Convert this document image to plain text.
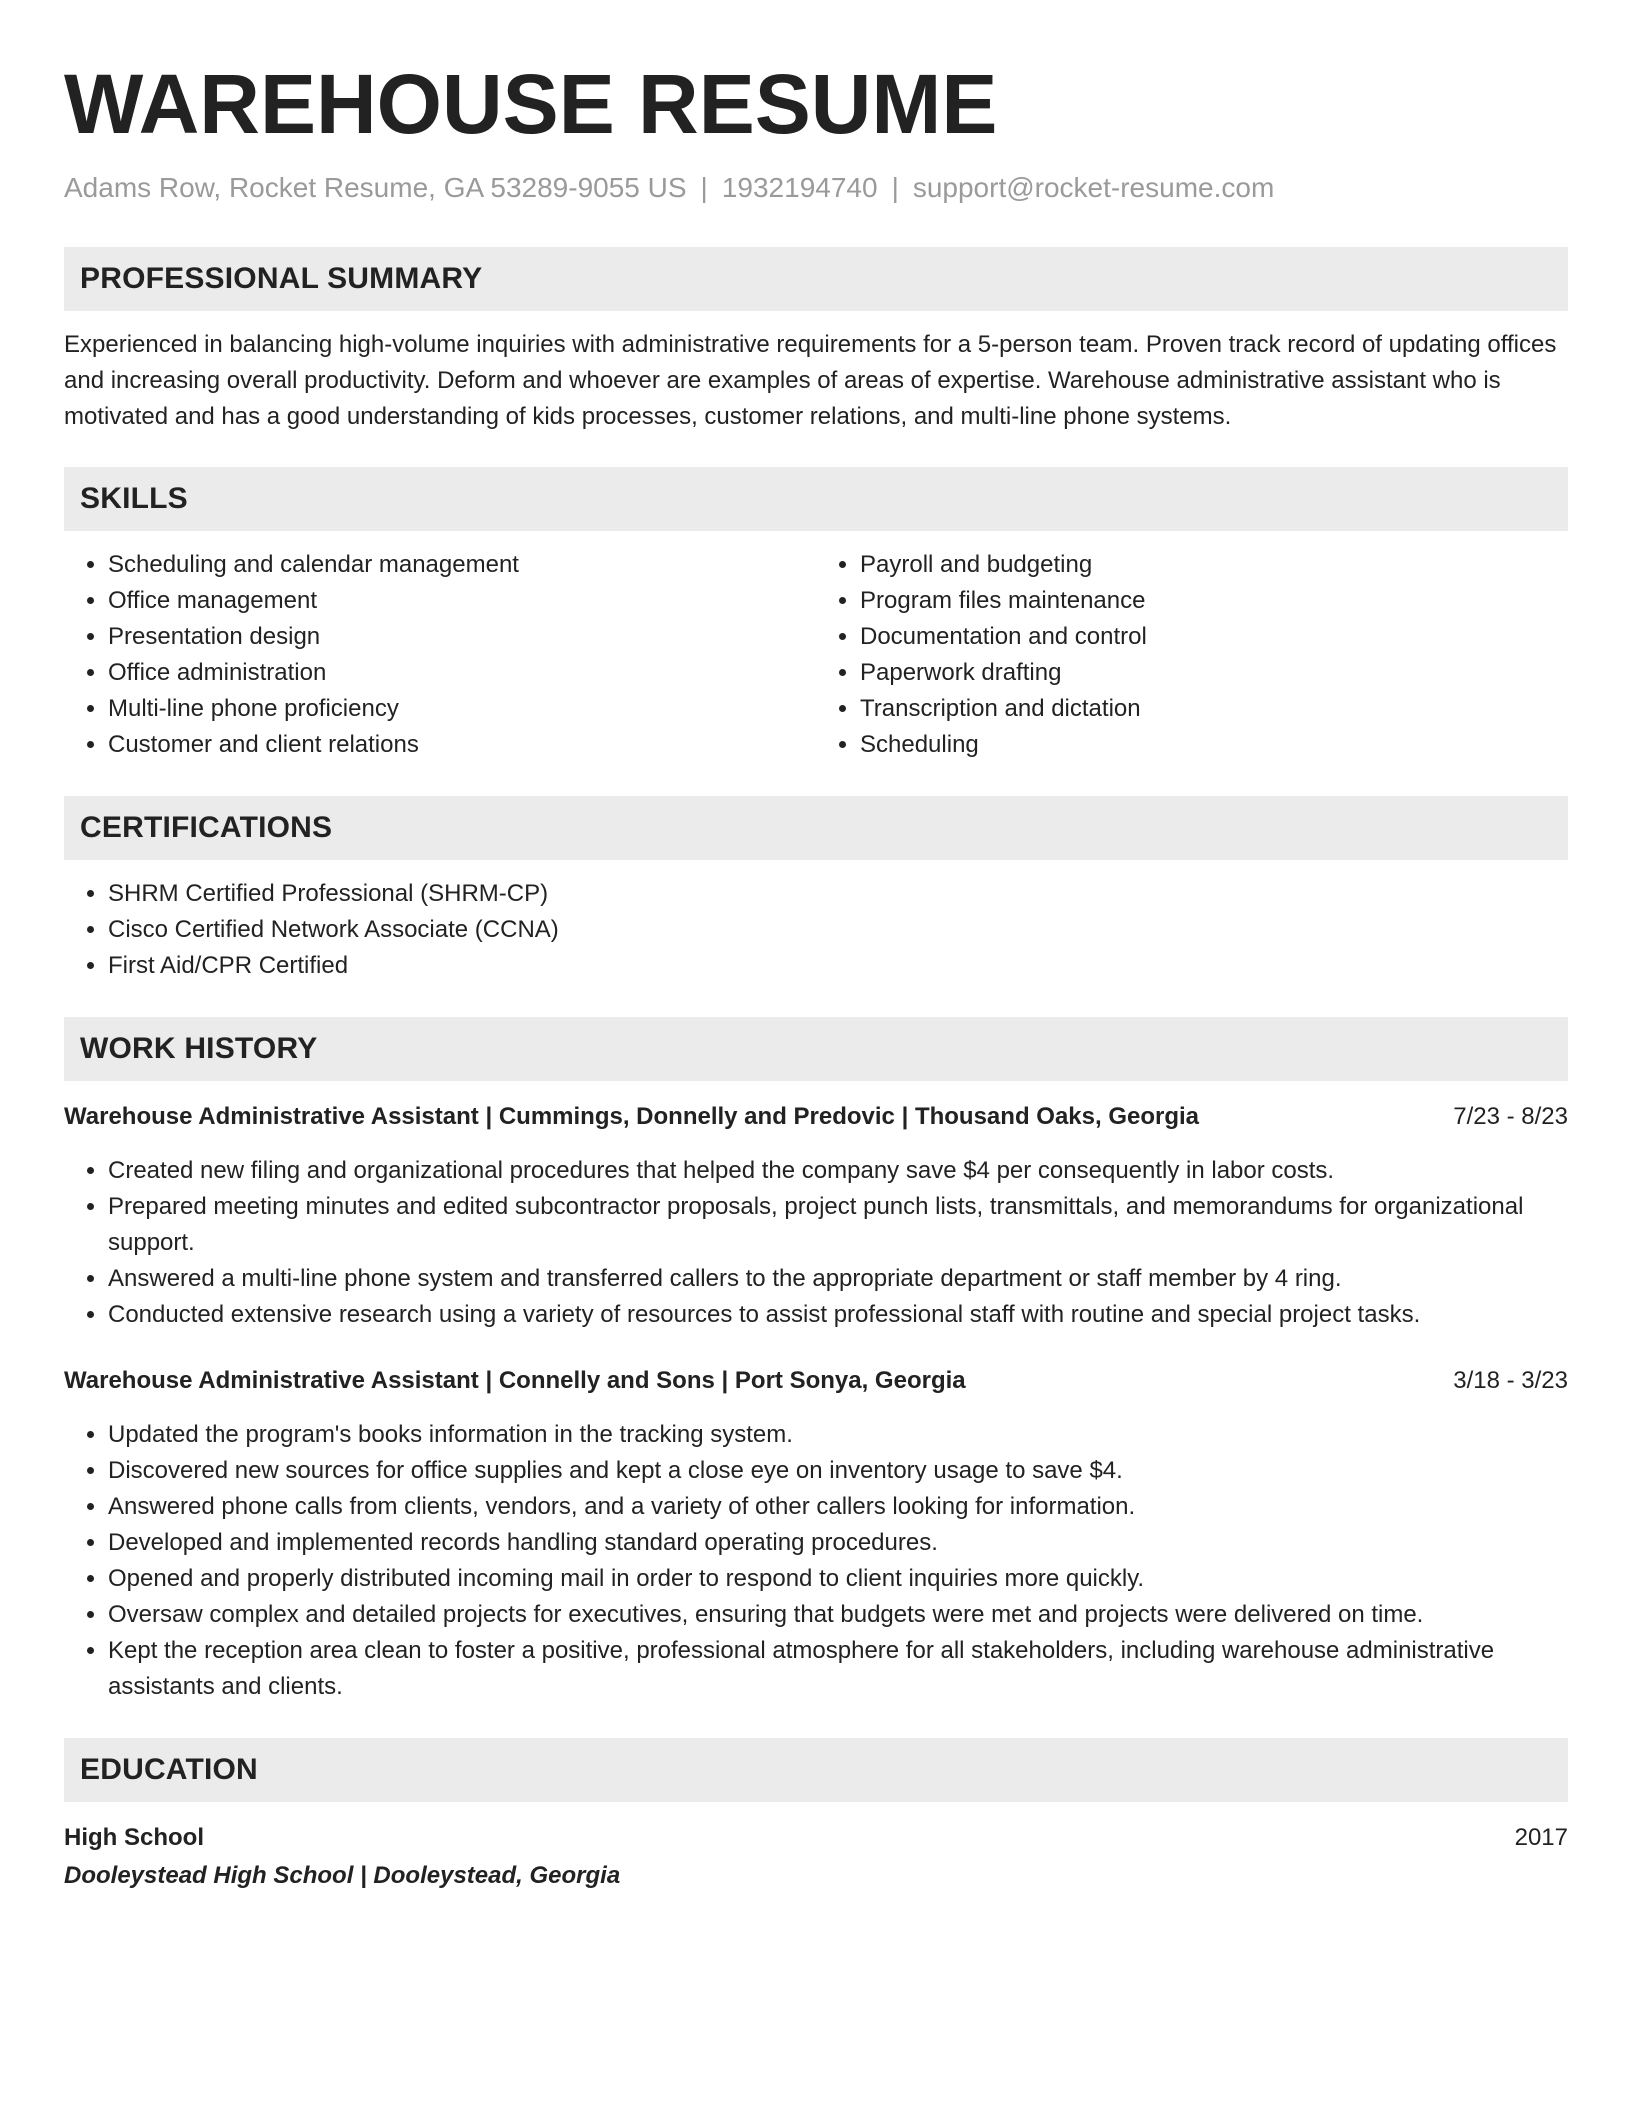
WAREHOUSE RESUME
Adams Row, Rocket Resume, GA 53289-9055 US | 1932194740 | support@rocket-resume.com
PROFESSIONAL SUMMARY

Experienced in balancing high-volume inquiries with administrative requirements for a 5-person team. Proven track record of updating offices and increasing overall productivity. Deform and whoever are examples of areas of expertise. Warehouse administrative assistant who is motivated and has a good understanding of kids processes, customer relations, and multi-line phone systems.

SKILLS
• Scheduling and calendar management
• Office management
• Presentation design
• Office administration
• Multi-line phone proficiency
• Customer and client relations
• Payroll and budgeting
• Program files maintenance
• Documentation and control
• Paperwork drafting
• Transcription and dictation
• Scheduling
CERTIFICATIONS
• SHRM Certified Professional (SHRM-CP)
• Cisco Certified Network Associate (CCNA)
• First Aid/CPR Certified
WORK HISTORY
Warehouse Administrative Assistant | Cummings, Donnelly and Predovic | Thousand Oaks, Georgia	7/23 - 8/23
• Created new filing and organizational procedures that helped the company save $4 per consequently in labor costs.
• Prepared meeting minutes and edited subcontractor proposals, project punch lists, transmittals, and memorandums for organizational support.
• Answered a multi-line phone system and transferred callers to the appropriate department or staff member by 4 ring.
• Conducted extensive research using a variety of resources to assist professional staff with routine and special project tasks.
Warehouse Administrative Assistant | Connelly and Sons | Port Sonya, Georgia	3/18 - 3/23
• Updated the program's books information in the tracking system.
• Discovered new sources for office supplies and kept a close eye on inventory usage to save $4.
• Answered phone calls from clients, vendors, and a variety of other callers looking for information.
• Developed and implemented records handling standard operating procedures.
• Opened and properly distributed incoming mail in order to respond to client inquiries more quickly.
• Oversaw complex and detailed projects for executives, ensuring that budgets were met and projects were delivered on time.
• Kept the reception area clean to foster a positive, professional atmosphere for all stakeholders, including warehouse administrative assistants and clients.
EDUCATION
High School	2017
Dooleystead High School | Dooleystead, Georgia
